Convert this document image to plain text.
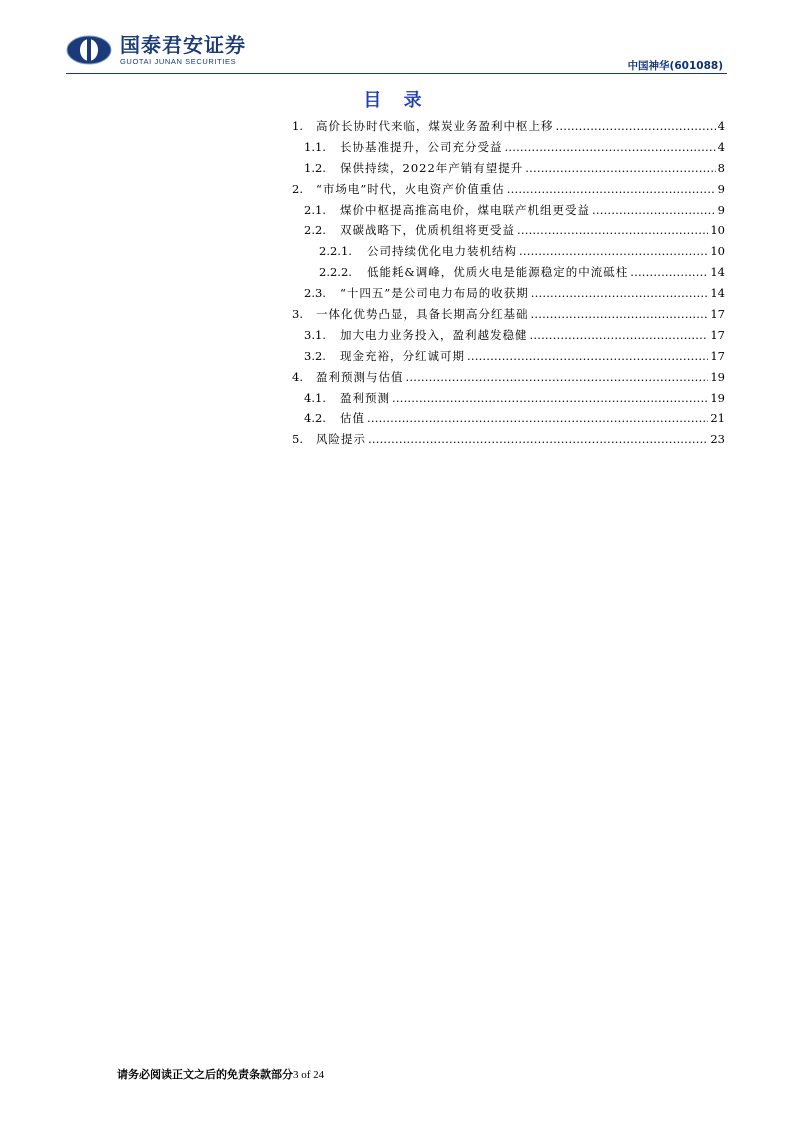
国泰君安证券
GUOTAI JUNAN SECURITIES	中国神华(601088)
目 录
1.	高价长协时代来临，煤炭业务盈利中枢上移 .....	4
1.1.	长协基准提升，公司充分受益 .....	4
1.2.	保供持续，2022年产销有望提升 .....	8
2.	“市场电”时代，火电资产价值重估 .....	9
2.1.	煤价中枢提高推高电价，煤电联产机组更受益 .....	9
2.2.	双碳战略下，优质机组将更受益 .....	10
2.2.1.	公司持续优化电力装机结构 .....	10
2.2.2.	低能耗&调峰，优质火电是能源稳定的中流砥柱 .....	14
2.3.	“十四五”是公司电力布局的收获期 .....	14
3.	一体化优势凸显，具备长期高分红基础 .....	17
3.1.	加大电力业务投入，盈利越发稳健 .....	17
3.2.	现金充裕，分红诚可期 .....	17
4.	盈利预测与估值 .....	19
4.1.	盈利预测 .....	19
4.2.	估值 .....	21
5.	风险提示 .....	23
请务必阅读正文之后的免责条款部分3 of 24
